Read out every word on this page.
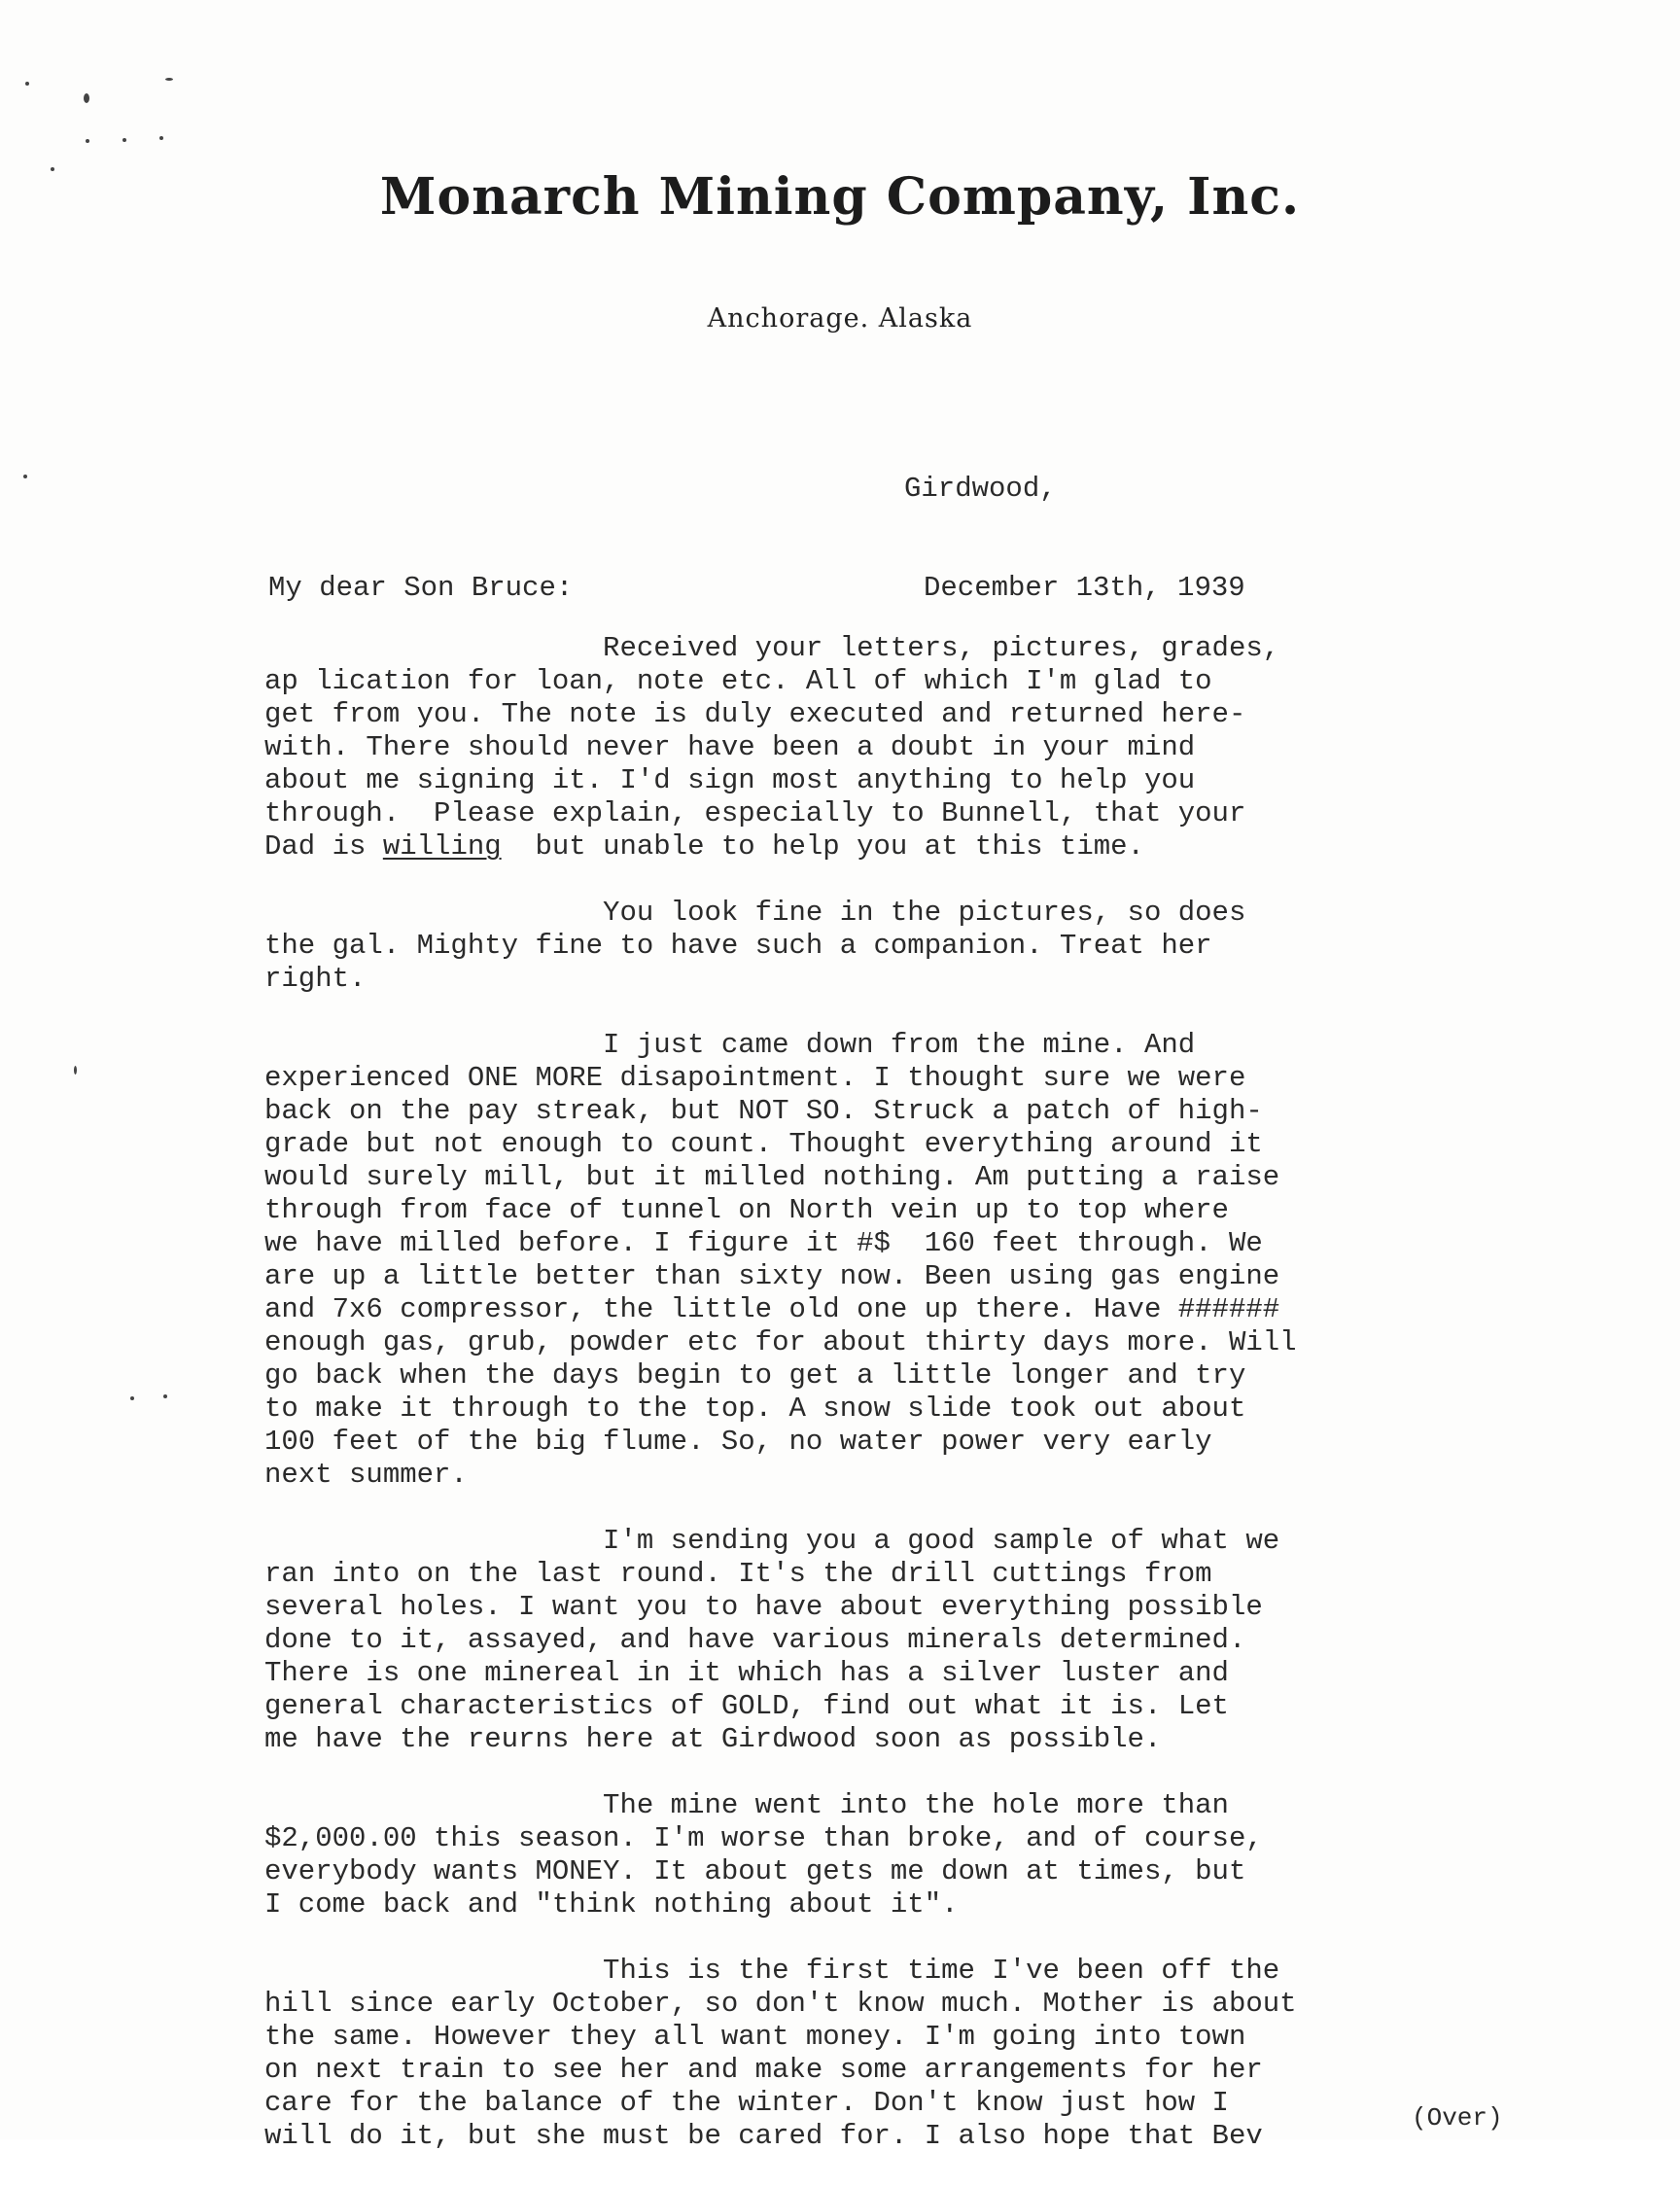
Monarch Mining Company, Inc.
Anchorage. Alaska

Girdwood,

December 13th, 1939

My dear Son Bruce:
Received your letters, pictures, grades,
ap lication for loan, note etc. All of which I'm glad to
get from you. The note is duly executed and returned here-
with. There should never have been a doubt in your mind
about me signing it. I'd sign most anything to help you
through.  Please explain, especially to Bunnell, that your
Dad is willing  but unable to help you at this time.
You look fine in the pictures, so does
the gal. Mighty fine to have such a companion. Treat her
right.
I just came down from the mine. And
experienced ONE MORE disapointment. I thought sure we were
back on the pay streak, but NOT SO. Struck a patch of high-
grade but not enough to count. Thought everything around it
would surely mill, but it milled nothing. Am putting a raise
through from face of tunnel on North vein up to top where
we have milled before. I figure it #$  160 feet through. We
are up a little better than sixty now. Been using gas engine
and 7x6 compressor, the little old one up there. Have ######
enough gas, grub, powder etc for about thirty days more. Will
go back when the days begin to get a little longer and try
to make it through to the top. A snow slide took out about
100 feet of the big flume. So, no water power very early
next summer.
I'm sending you a good sample of what we
ran into on the last round. It's the drill cuttings from
several holes. I want you to have about everything possible
done to it, assayed, and have various minerals determined.
There is one minereal in it which has a silver luster and
general characteristics of GOLD, find out what it is. Let
me have the reurns here at Girdwood soon as possible.
The mine went into the hole more than
$2,000.00 this season. I'm worse than broke, and of course,
everybody wants MONEY. It about gets me down at times, but
I come back and "think nothing about it".
This is the first time I've been off the
hill since early October, so don't know much. Mother is about
the same. However they all want money. I'm going into town
on next train to see her and make some arrangements for her
care for the balance of the winter. Don't know just how I
will do it, but she must be cared for. I also hope that Bev
(Over)
